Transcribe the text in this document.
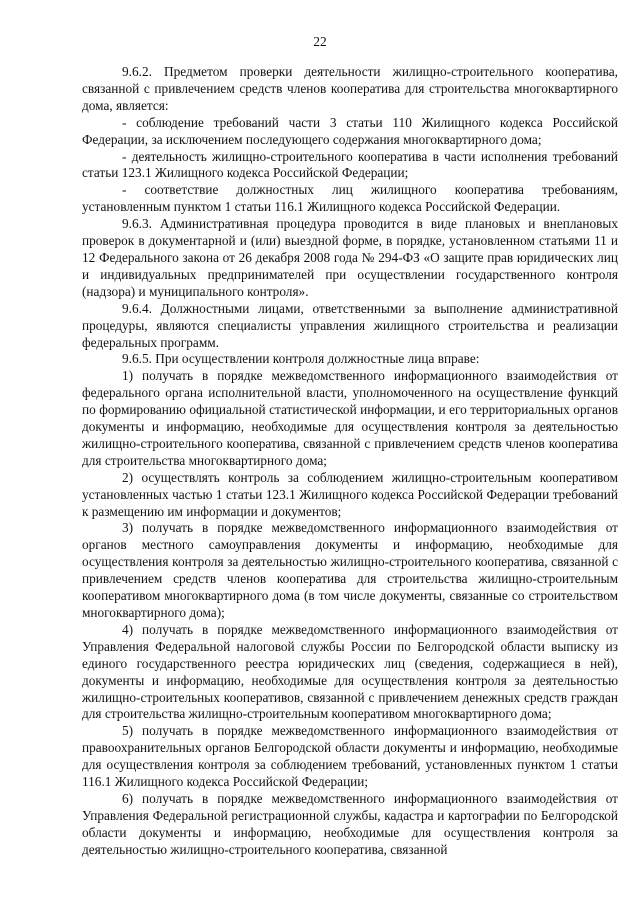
22

9.6.2. Предметом проверки деятельности жилищно-строительного кооператива, связанной с привлечением средств членов кооператива для строительства многоквартирного дома, является:

- соблюдение требований части 3 статьи 110 Жилищного кодекса Российской Федерации, за исключением последующего содержания многоквартирного дома;

- деятельность жилищно-строительного кооператива в части исполнения требований статьи 123.1 Жилищного кодекса Российской Федерации;

- соответствие должностных лиц жилищного кооператива требованиям, установленным пунктом 1 статьи 116.1 Жилищного кодекса Российской Федерации.

9.6.3. Административная процедура проводится в виде плановых и внеплановых проверок в документарной и (или) выездной форме, в порядке, установленном статьями 11 и 12 Федерального закона от 26 декабря 2008 года № 294-ФЗ «О защите прав юридических лиц и индивидуальных предпринимателей при осуществлении государственного контроля (надзора) и муниципального контроля».

9.6.4. Должностными лицами, ответственными за выполнение административной процедуры, являются специалисты управления жилищного строительства и реализации федеральных программ.

9.6.5. При осуществлении контроля должностные лица вправе:

1) получать в порядке межведомственного информационного взаимодействия от федерального органа исполнительной власти, уполномоченного на осуществление функций по формированию официальной статистической информации, и его территориальных органов документы и информацию, необходимые для осуществления контроля за деятельностью жилищно-строительного кооператива, связанной с привлечением средств членов кооператива для строительства многоквартирного дома;

2) осуществлять контроль за соблюдением жилищно-строительным кооперативом установленных частью 1 статьи 123.1 Жилищного кодекса Российской Федерации требований к размещению им информации и документов;

3) получать в порядке межведомственного информационного взаимодействия от органов местного самоуправления документы и информацию, необходимые для осуществления контроля за деятельностью жилищно-строительного кооператива, связанной с привлечением средств членов кооператива для строительства жилищно-строительным кооперативом многоквартирного дома (в том числе документы, связанные со строительством многоквартирного дома);

4) получать в порядке межведомственного информационного взаимодействия от Управления Федеральной налоговой службы России по Белгородской области выписку из единого государственного реестра юридических лиц (сведения, содержащиеся в ней), документы и информацию, необходимые для осуществления контроля за деятельностью жилищно-строительных кооперативов, связанной с привлечением денежных средств граждан для строительства жилищно-строительным кооперативом многоквартирного дома;

5) получать в порядке межведомственного информационного взаимодействия от правоохранительных органов Белгородской области документы и информацию, необходимые для осуществления контроля за соблюдением требований, установленных пунктом 1 статьи 116.1 Жилищного кодекса Российской Федерации;

6) получать в порядке межведомственного информационного взаимодействия от Управления Федеральной регистрационной службы, кадастра и картографии по Белгородской области документы и информацию, необходимые для осуществления контроля за деятельностью жилищно-строительного кооператива, связанной
